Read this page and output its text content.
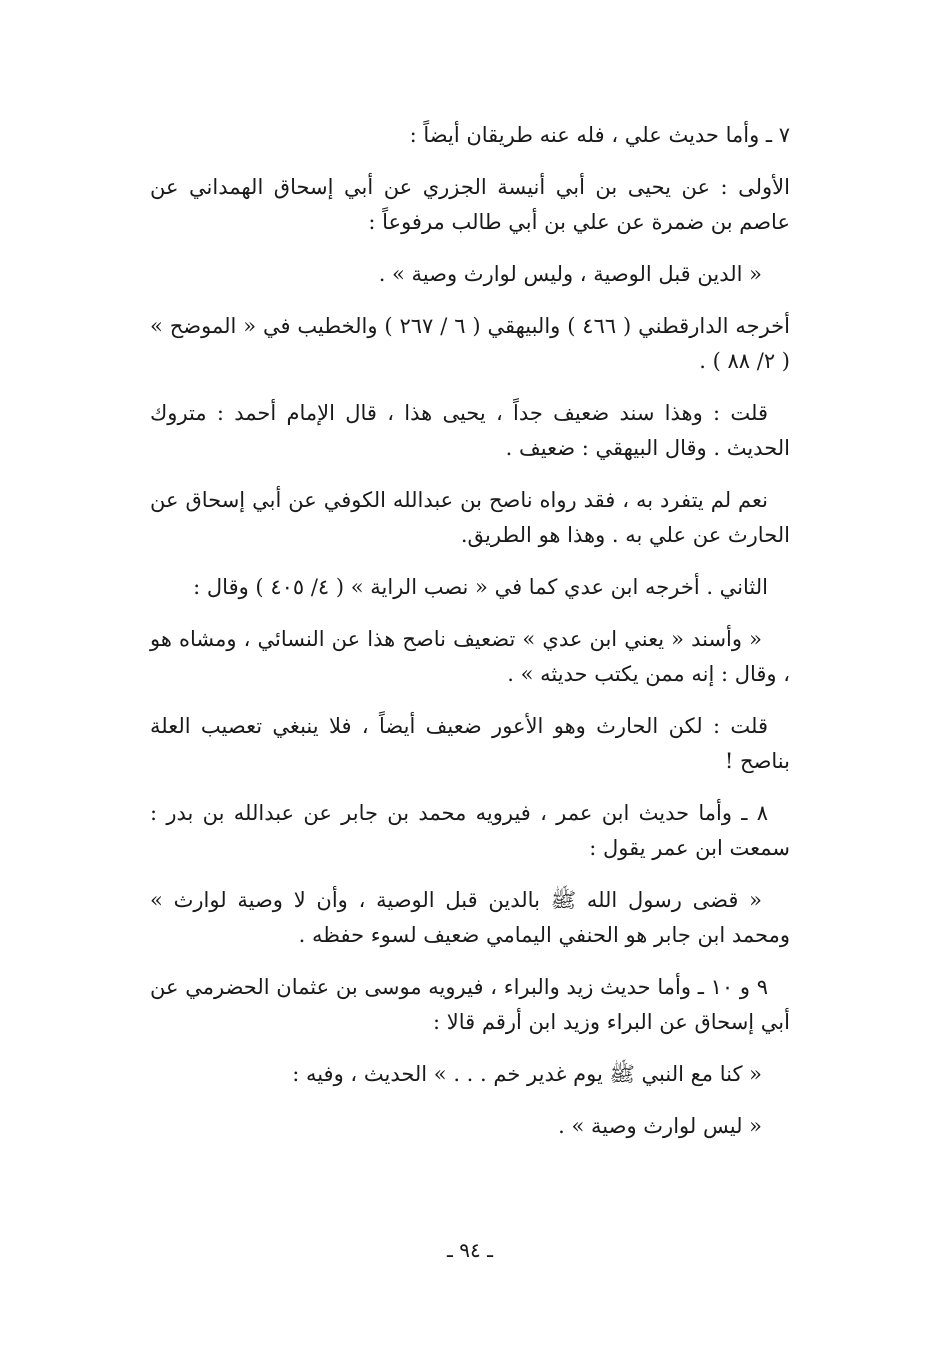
٧ ـ وأما حديث علي ، فله عنه طريقان أيضاً :

الأولى : عن يحيى بن أبي أنيسة الجزري عن أبي إسحاق الهمداني عن عاصم بن ضمرة عن علي بن أبي طالب مرفوعاً :

« الدين قبل الوصية ، وليس لوارث وصية » .

أخرجه الدارقطني ( ٤٦٦ ) والبيهقي ( ٦ / ٢٦٧ ) والخطيب في « الموضح » ( ٢/ ٨٨ ) .

قلت : وهذا سند ضعيف جداً ، يحيى هذا ، قال الإمام أحمد : متروك الحديث . وقال البيهقي : ضعيف .

نعم لم يتفرد به ، فقد رواه ناصح بن عبدالله الكوفي عن أبي إسحاق عن الحارث عن علي به . وهذا هو الطريق.

الثاني . أخرجه ابن عدي كما في « نصب الراية » ( ٤/ ٤٠٥ ) وقال :

« وأسند « يعني ابن عدي » تضعيف ناصح هذا عن النسائي ، ومشاه هو ، وقال : إنه ممن يكتب حديثه » .

قلت : لكن الحارث وهو الأعور ضعيف أيضاً ، فلا ينبغي تعصيب العلة بناصح !

٨ ـ وأما حديث ابن عمر ، فيرويه محمد بن جابر عن عبدالله بن بدر : سمعت ابن عمر يقول :

« قضى رسول الله ﷺ بالدين قبل الوصية ، وأن لا وصية لوارث » ومحمد ابن جابر هو الحنفي اليمامي ضعيف لسوء حفظه .

٩ و ١٠ ـ وأما حديث زيد والبراء ، فيرويه موسى بن عثمان الحضرمي عن أبي إسحاق عن البراء وزيد ابن أرقم قالا :

« كنا مع النبي ﷺ يوم غدير خم . . . » الحديث ، وفيه :

« ليس لوارث وصية » .

ـ ٩٤ ـ
